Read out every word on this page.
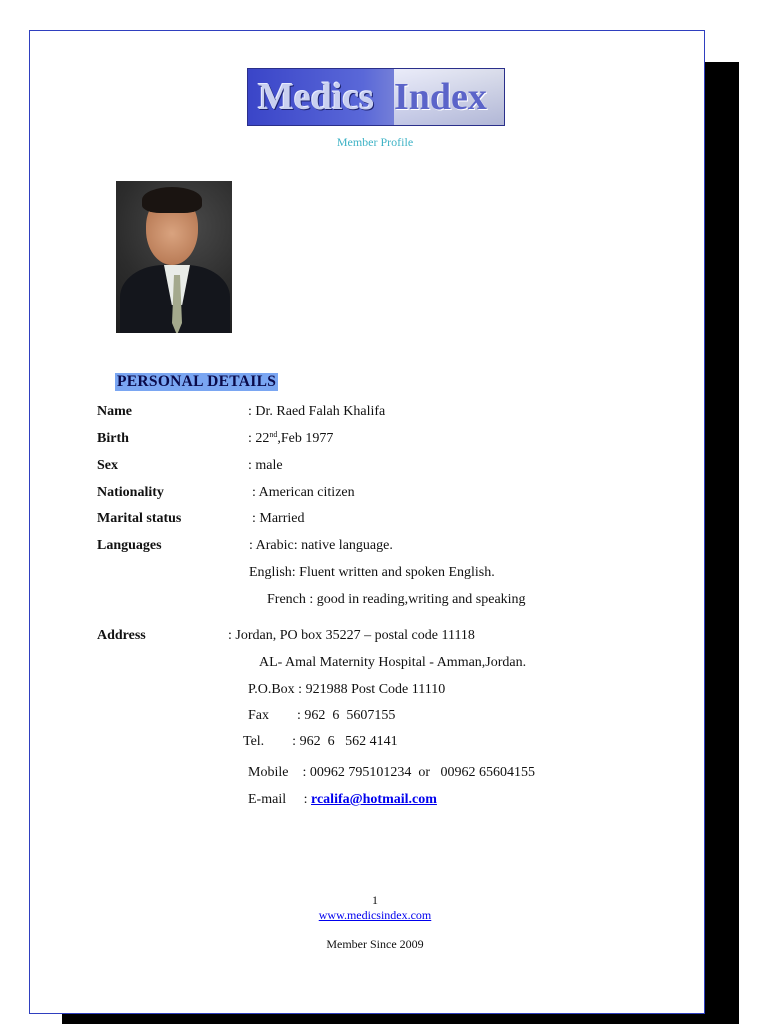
Medics Index
Member Profile
PERSONAL DETAILS
Name	: Dr. Raed Falah Khalifa
Birth	: 22nd,Feb 1977
Sex	: male
Nationality	: American citizen
Marital status	: Married
Languages	: Arabic: native language.
English: Fluent written and spoken English.
French : good in reading,writing and speaking
Address	: Jordan, PO box 35227 – postal code 11118
AL- Amal Maternity Hospital - Amman,Jordan.
P.O.Box : 921988 Post Code 11110
Fax        : 962  6  5607155
Tel.        : 962  6   562 4141
Mobile    : 00962 795101234  or   00962 65604155
E-mail     : rcalifa@hotmail.com
1
www.medicsindex.com
Member Since 2009
